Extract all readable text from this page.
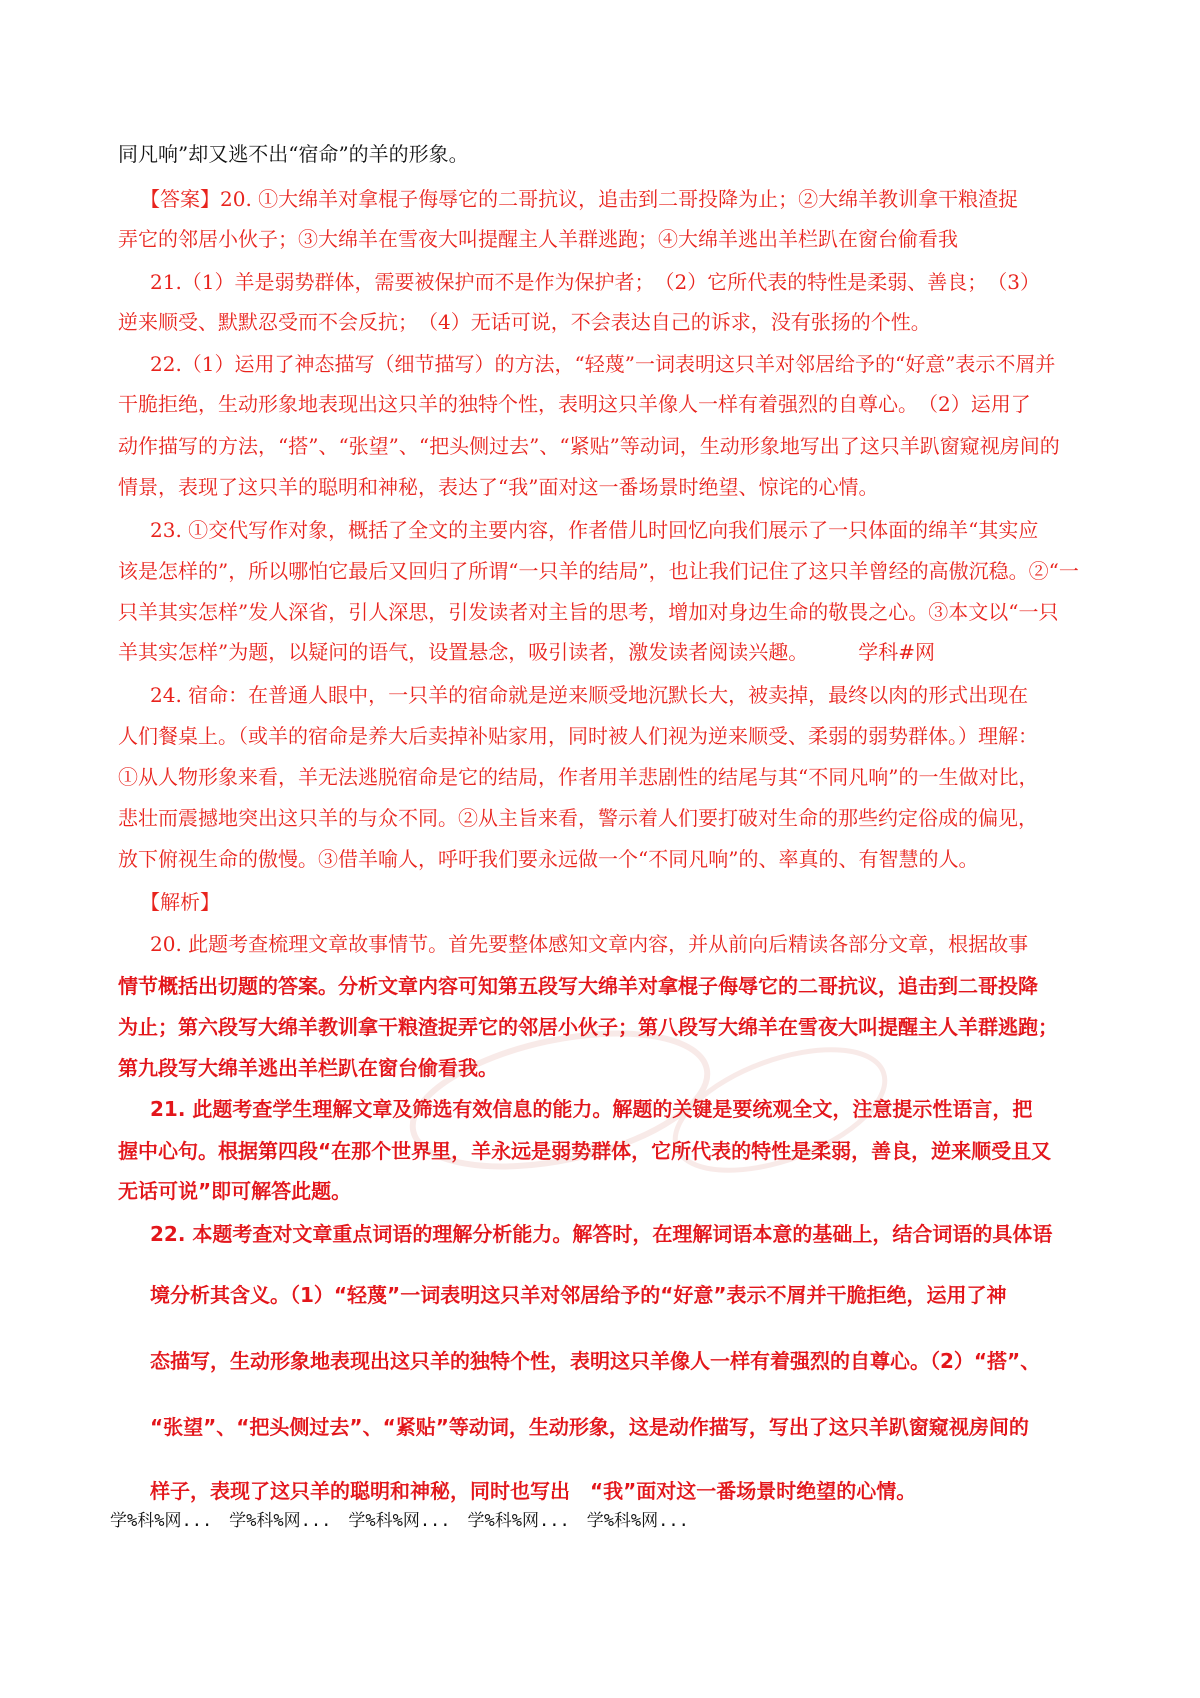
同凡响”却又逃不出“宿命”的羊的形象。
【答案】20. ①大绵羊对拿棍子侮辱它的二哥抗议，追击到二哥投降为止；②大绵羊教训拿干粮渣捉
弄它的邻居小伙子；③大绵羊在雪夜大叫提醒主人羊群逃跑；④大绵羊逃出羊栏趴在窗台偷看我
21.（1）羊是弱势群体，需要被保护而不是作为保护者；　（2）它所代表的特性是柔弱、善良；　（3）
逆来顺受、默默忍受而不会反抗；　（4）无话可说，不会表达自己的诉求，没有张扬的个性。
22.（1）运用了神态描写（细节描写）的方法，“轻蔑”一词表明这只羊对邻居给予的“好意”表示不屑并
干脆拒绝，生动形象地表现出这只羊的独特个性，表明这只羊像人一样有着强烈的自尊心。　（2）运用了
动作描写的方法，“搭”、“张望”、“把头侧过去”、“紧贴”等动词，生动形象地写出了这只羊趴窗窥视房间的
情景，表现了这只羊的聪明和神秘，表达了“我”面对这一番场景时绝望、惊诧的心情。
23. ①交代写作对象，概括了全文的主要内容，作者借儿时回忆向我们展示了一只体面的绵羊“其实应
该是怎样的”，所以哪怕它最后又回归了所谓“一只羊的结局”，也让我们记住了这只羊曾经的高傲沉稳。②“一
只羊其实怎样”发人深省，引人深思，引发读者对主旨的思考，增加对身边生命的敬畏之心。③本文以“一只
羊其实怎样”为题，以疑问的语气，设置悬念，吸引读者，激发读者阅读兴趣。　　　学科#网
24. 宿命：在普通人眼中，一只羊的宿命就是逆来顺受地沉默长大，被卖掉，最终以肉的形式出现在
人们餐桌上。（或羊的宿命是养大后卖掉补贴家用，同时被人们视为逆来顺受、柔弱的弱势群体。）理解：
①从人物形象来看，羊无法逃脱宿命是它的结局，作者用羊悲剧性的结尾与其“不同凡响”的一生做对比，
悲壮而震撼地突出这只羊的与众不同。②从主旨来看，警示着人们要打破对生命的那些约定俗成的偏见，
放下俯视生命的傲慢。③借羊喻人，呼吁我们要永远做一个“不同凡响”的、率真的、有智慧的人。
【解析】
20. 此题考查梳理文章故事情节。首先要整体感知文章内容，并从前向后精读各部分文章，根据故事
情节概括出切题的答案。分析文章内容可知第五段写大绵羊对拿棍子侮辱它的二哥抗议，追击到二哥投降
为止；第六段写大绵羊教训拿干粮渣捉弄它的邻居小伙子；第八段写大绵羊在雪夜大叫提醒主人羊群逃跑；
第九段写大绵羊逃出羊栏趴在窗台偷看我。
21. 此题考查学生理解文章及筛选有效信息的能力。解题的关键是要统观全文，注意提示性语言，把
握中心句。根据第四段“在那个世界里，羊永远是弱势群体，它所代表的特性是柔弱，善良，逆来顺受且又
无话可说”即可解答此题。
22. 本题考查对文章重点词语的理解分析能力。解答时，在理解词语本意的基础上，结合词语的具体语
境分析其含义。（1）“轻蔑”一词表明这只羊对邻居给予的“好意”表示不屑并干脆拒绝，运用了神
态描写，生动形象地表现出这只羊的独特个性，表明这只羊像人一样有着强烈的自尊心。（2）“搭”、
“张望”、“把头侧过去”、“紧贴”等动词，生动形象，这是动作描写，写出了这只羊趴窗窥视房间的
样子，表现了这只羊的聪明和神秘，同时也写出　“我”面对这一番场景时绝望的心情。
学%科%网...　学%科%网...　学%科%网...　学%科%网...　学%科%网...
